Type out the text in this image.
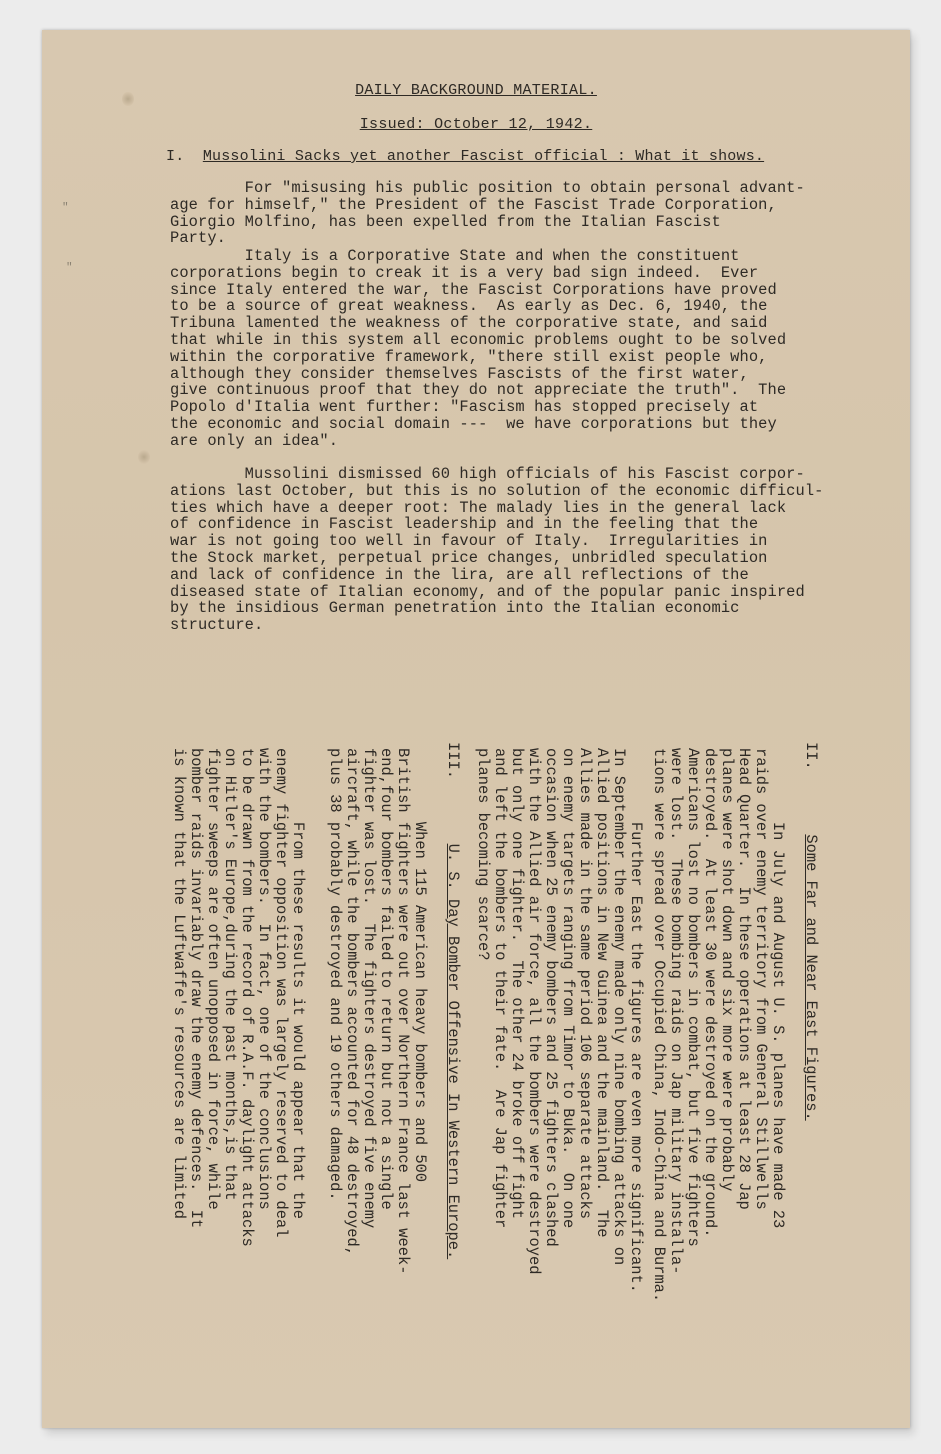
"
"
DAILY BACKGROUND MATERIAL.
Issued: October 12, 1942.
I. Mussolini Sacks yet another Fascist official : What it shows.
For "misusing his public position to obtain personal advant-
age for himself," the President of the Fascist Trade Corporation,
Giorgio Molfino, has been expelled from the Italian Fascist
Party.
Italy is a Corporative State and when the constituent
corporations begin to creak it is a very bad sign indeed.  Ever
since Italy entered the war, the Fascist Corporations have proved
to be a source of great weakness.  As early as Dec. 6, 1940, the
Tribuna lamented the weakness of the corporative state, and said
that while in this system all economic problems ought to be solved
within the corporative framework, "there still exist people who,
although they consider themselves Fascists of the first water,
give continuous proof that they do not appreciate the truth".  The
Popolo d'Italia went further: "Fascism has stopped precisely at
the economic and social domain ---  we have corporations but they
are only an idea".
Mussolini dismissed 60 high officials of his Fascist corpor-
ations last October, but this is no solution of the economic difficul-
ties which have a deeper root: The malady lies in the general lack
of confidence in Fascist leadership and in the feeling that the
war is not going too well in favour of Italy.  Irregularities in
the Stock market, perpetual price changes, unbridled speculation
and lack of confidence in the lira, are all reflections of the
diseased state of Italian economy, and of the popular panic inspired
by the insidious German penetration into the Italian economic
structure.
II.       Some Far and Near East Figures.
In July and August U. S. planes have made 23
raids over enemy territory from General Stillwells
Head Quarter.  In these operations at least 28 Jap
planes were shot down and six more were probably
destroyed.  At least 30 were destroyed on the ground.
Americans lost no bombers in combat, but five fighters
were lost.  These bombing raids on Jap military installa-
tions were spread over Occupied China, Indo-China and Burma.
Further East the figures are even more significant.
In September the enemy made only nine bombing attacks on
Allied positions in New Guinea and the mainland.  The
Allies made in the same period 106 separate attacks
on enemy targets ranging from Timor to Buka.  On one
occasion when 25 enemy bombers and 25 fighters clashed
with the Allied air force, all the bombers were destroyed
but only one fighter.  The other 24 broke off fight
and left the bombers to their fate.  Are Jap fighter
planes becoming scarce?
III.       U. S. Day Bomber Offensive In Western Europe.
When 115 American heavy bombers and 500
British fighters were out over Northern France last week-
end,four bombers failed to return but not a single
fighter was lost.  The fighters destroyed five enemy
aircraft, while the bombers accounted for 48 destroyed,
plus 38 probably destroyed and 19 others damaged.
From these results it would appear that the
enemy fighter opposition was largely reserved to deal
with the bombers.  In fact, one of the conclusions
to be drawn from the record of R.A.F. daylight attacks
on Hitler's Europe,during the past months,is that
fighter sweeps are often unopposed in force, while
bomber raids invariably draw the enemy defences.  It
is known that the Luftwaffe's resources are limited
